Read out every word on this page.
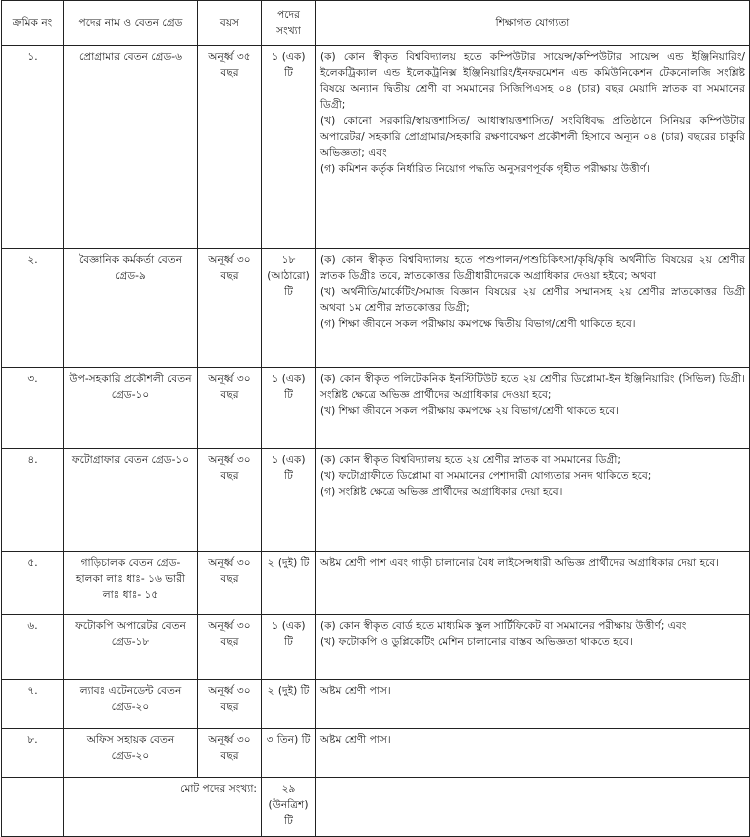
ক্রমিক নং	পদের নাম ও বেতন গ্রেড	বয়স	পদের সংখ্যা	শিক্ষাগত যোগ্যতা
১.	প্রোগ্রামার বেতন গ্রেড-৬	অনূর্ধ্ব ৩৫ বছর	১ (এক) টি	(ক) কোন স্বীকৃত বিশ্ববিদ্যালয় হতে কম্পিউটার সায়েন্স/কম্পিউটার সায়েন্স এন্ড ইঞ্জিনিয়ারিং/ইলেকট্রিক্যাল এন্ড ইলেকট্রনিক্স ইঞ্জিনিয়ারিং/ইনফরমেশন এন্ড কমিউনিকেশন টেকনোলজি সংশ্লিষ্ট বিষয়ে অন্যান দ্বিতীয় শ্রেণী বা সমমানের সিজিপিএসহ ০৪ (চার) বছর মেয়াদি স্নাতক বা সমমানের ডিগ্রী;
(খ) কোনো সরকারি/স্বায়ত্তশাসিত/ আধাস্বায়ত্তশাসিত/ সংবিধিবদ্ধ প্রতিষ্ঠানে সিনিয়র কম্পিউটার অপারেটর/ সহকারি প্রোগ্রামার/সহকারি রক্ষণাবেক্ষণ প্রকৌশলী হিসাবে অন্যূন ০৪ (চার) বছরের চাকুরি অভিজ্ঞতা; এবং
(গ) কমিশন কর্তৃক নির্ধারিত নিয়োগ পদ্ধতি অনুসরণপূর্বক গৃহীত পরীক্ষায় উত্তীর্ণ।

২.	বৈজ্ঞানিক কর্মকর্তা বেতন গ্রেড-৯	অনূর্ধ্ব ৩০ বছর	১৮ (আঠারো) টি	(ক) কোন স্বীকৃত বিশ্ববিদ্যালয় হতে পশুপালন/পশুচিকিৎসা/কৃষি/কৃষি অর্থনীতি বিষয়ের ২য় শ্রেণীর স্নাতক ডিগ্রীঃ তবে, স্নাতকোত্তর ডিগ্রীধারীদেরকে অগ্রাধিকার দেওয়া হইবে; অথবা
(খ) অর্থনীতি/মার্কেটিং/সমাজ বিজ্ঞান বিষয়ের ২য় শ্রেণীর সম্মানসহ ২য় শ্রেণীর স্নাতকোত্তর ডিগ্রী অথবা ১ম শ্রেণীর স্নাতকোত্তর ডিগ্রী;
(গ) শিক্ষা জীবনে সকল পরীক্ষায় কমপক্ষে দ্বিতীয় বিভাগ/শ্রেণী থাকিতে হবে।

৩.	উপ-সহকারি প্রকৌশলী বেতন গ্রেড-১০	অনূর্ধ্ব ৩০ বছর	১ (এক) টি	(ক) কোন স্বীকৃত পলিটেকনিক ইনস্টিটিউট হতে ২য় শ্রেণীর ডিপ্লোমা-ইন ইঞ্জিনিয়ারিং (সিভিল) ডিগ্রী। সংশ্লিষ্ট ক্ষেত্রে অভিজ্ঞ প্রার্থীদের অগ্রাধিকার দেওয়া হবে;
(খ) শিক্ষা জীবনে সকল পরীক্ষায় কমপক্ষে ২য় বিভাগ/শ্রেণী থাকতে হবে।

৪.	ফটোগ্রাফার বেতন গ্রেড-১০	অনূর্ধ্ব ৩০ বছর	১ (এক) টি	(ক) কোন স্বীকৃত বিশ্ববিদ্যালয় হতে ২য় শ্রেণীর স্নাতক বা সমমানের ডিগ্রী;
(খ) ফটোগ্রাফীতে ডিপ্লোমা বা সমমানের পেশাদারী যোগ্যতার সনদ থাকিতে হবে;
(গ) সংশ্লিষ্ট ক্ষেত্রে অভিজ্ঞ প্রার্থীদের অগ্রাধিকার দেয়া হবে।

৫.	গাড়িচালক বেতন গ্রেড- হালকা লাঃ ধাঃ- ১৬ ভারী লাঃ ধাঃ- ১৫	অনূর্ধ্ব ৩০ বছর	২ (দুই) টি	অষ্টম শ্রেণী পাশ এবং গাড়ী চালানোর বৈধ লাইসেন্সধারী অভিজ্ঞ প্রার্থীদের অগ্রাধিকার দেয়া হবে।

৬.	ফটোকপি অপারেটর বেতন গ্রেড-১৮	অনূর্ধ্ব ৩০ বছর	১ (এক) টি	(ক) কোন স্বীকৃত বোর্ড হতে মাধ্যমিক স্কুল সার্টিফিকেট বা সমমানের পরীক্ষায় উত্তীর্ণ; এবং
(খ) ফটোকপি ও ডুপ্লিকেটিং মেশিন চালানোর বাস্তব অভিজ্ঞতা থাকতে হবে।

৭.	ল্যাবঃ এটেনডেন্ট বেতন গ্রেড-২০	অনূর্ধ্ব ৩০ বছর	২ (দুই) টি	অষ্টম শ্রেণী পাস।

৮.	অফিস সহায়ক বেতন গ্রেড-২০	অনূর্ধ্ব ৩০ বছর	৩ তিন) টি	অষ্টম শ্রেণী পাস।

	মোট পদের সংখ্যা:		২৯ (উনত্রিশ) টি	
